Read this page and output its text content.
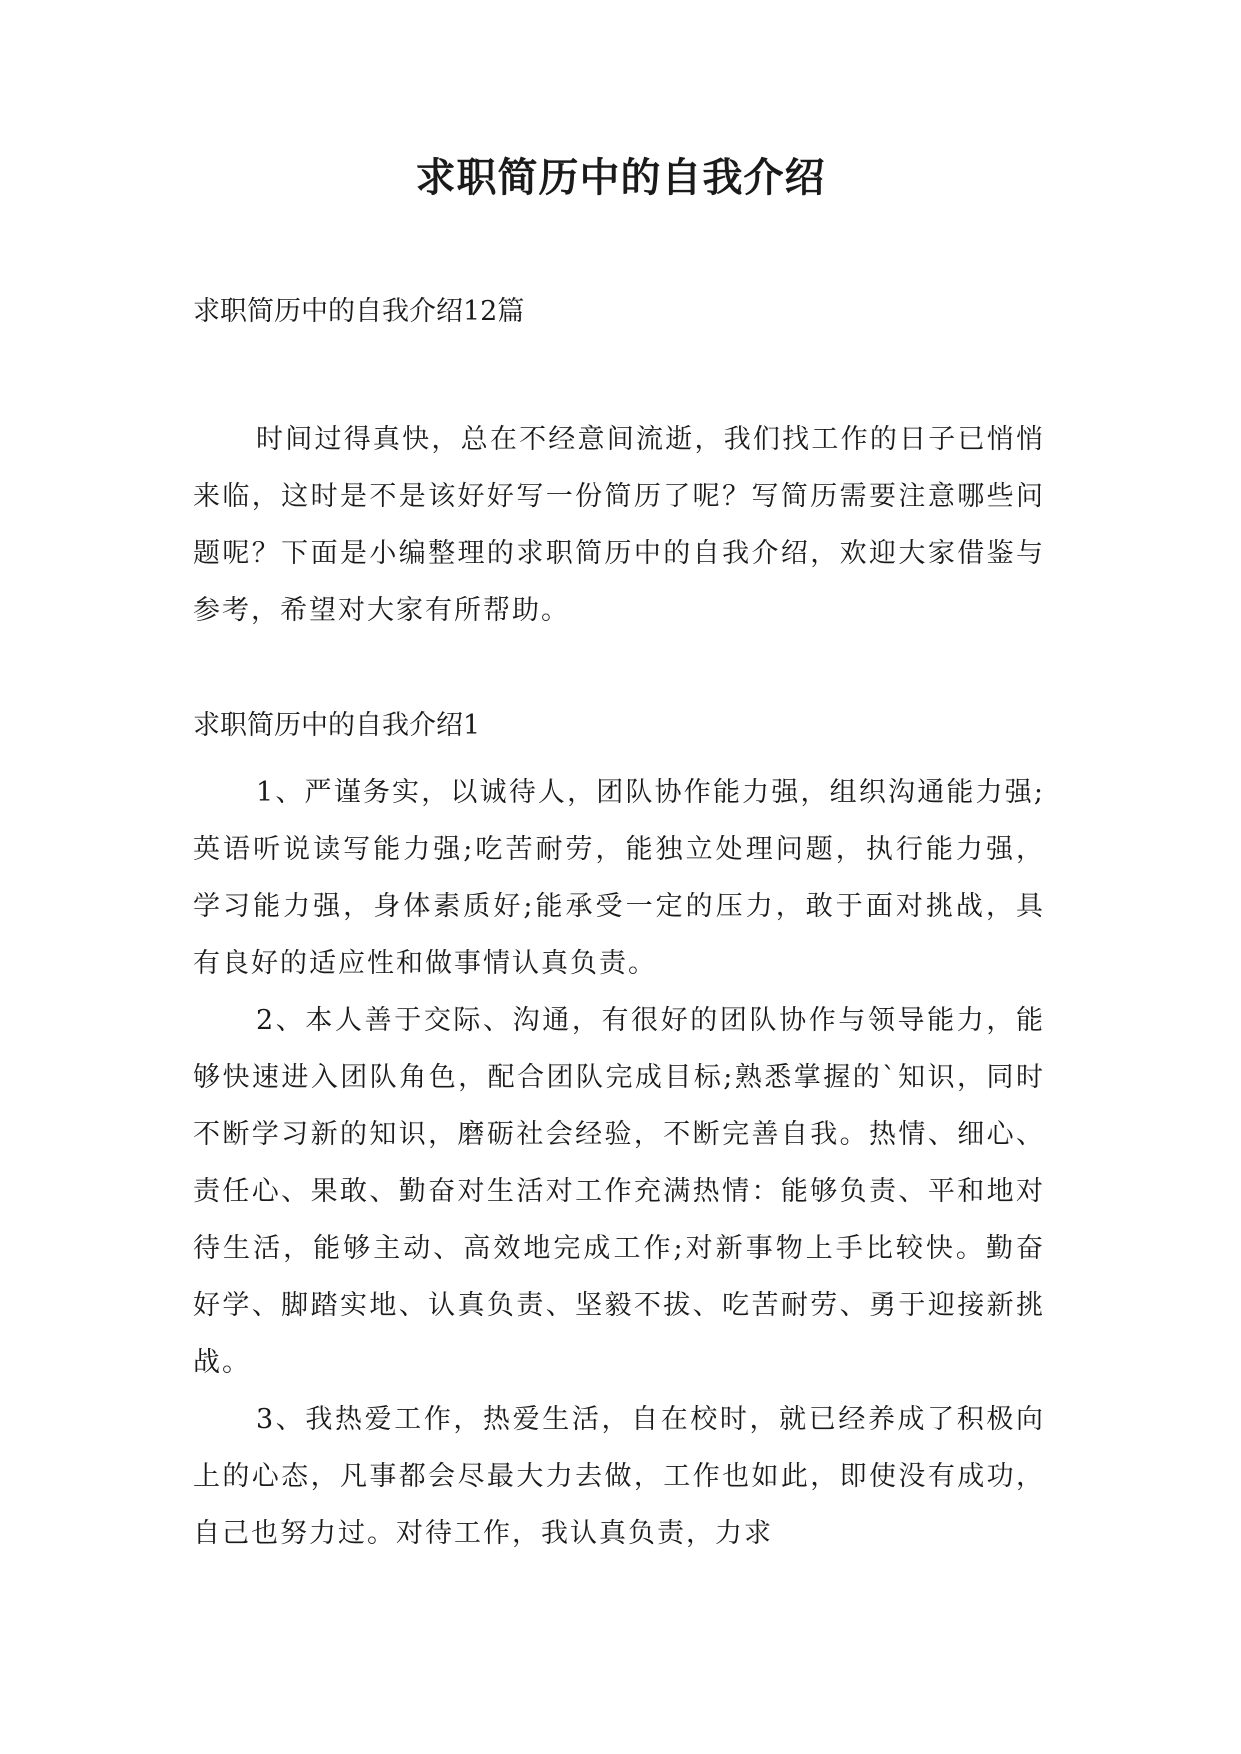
求职简历中的自我介绍

求职简历中的自我介绍12篇

时间过得真快，总在不经意间流逝，我们找工作的日子已悄悄来临，这时是不是该好好写一份简历了呢？写简历需要注意哪些问题呢？下面是小编整理的求职简历中的自我介绍，欢迎大家借鉴与参考，希望对大家有所帮助。

求职简历中的自我介绍1

1、严谨务实，以诚待人，团队协作能力强，组织沟通能力强;英语听说读写能力强;吃苦耐劳，能独立处理问题，执行能力强，学习能力强，身体素质好;能承受一定的压力，敢于面对挑战，具有良好的适应性和做事情认真负责。

2、本人善于交际、沟通，有很好的团队协作与领导能力，能够快速进入团队角色，配合团队完成目标;熟悉掌握的`知识，同时不断学习新的知识，磨砺社会经验，不断完善自我。热情、细心、责任心、果敢、勤奋对生活对工作充满热情：能够负责、平和地对待生活，能够主动、高效地完成工作;对新事物上手比较快。勤奋好学、脚踏实地、认真负责、坚毅不拔、吃苦耐劳、勇于迎接新挑战。

3、我热爱工作，热爱生活，自在校时，就已经养成了积极向上的心态，凡事都会尽最大力去做，工作也如此，即使没有成功，自己也努力过。对待工作，我认真负责，力求
